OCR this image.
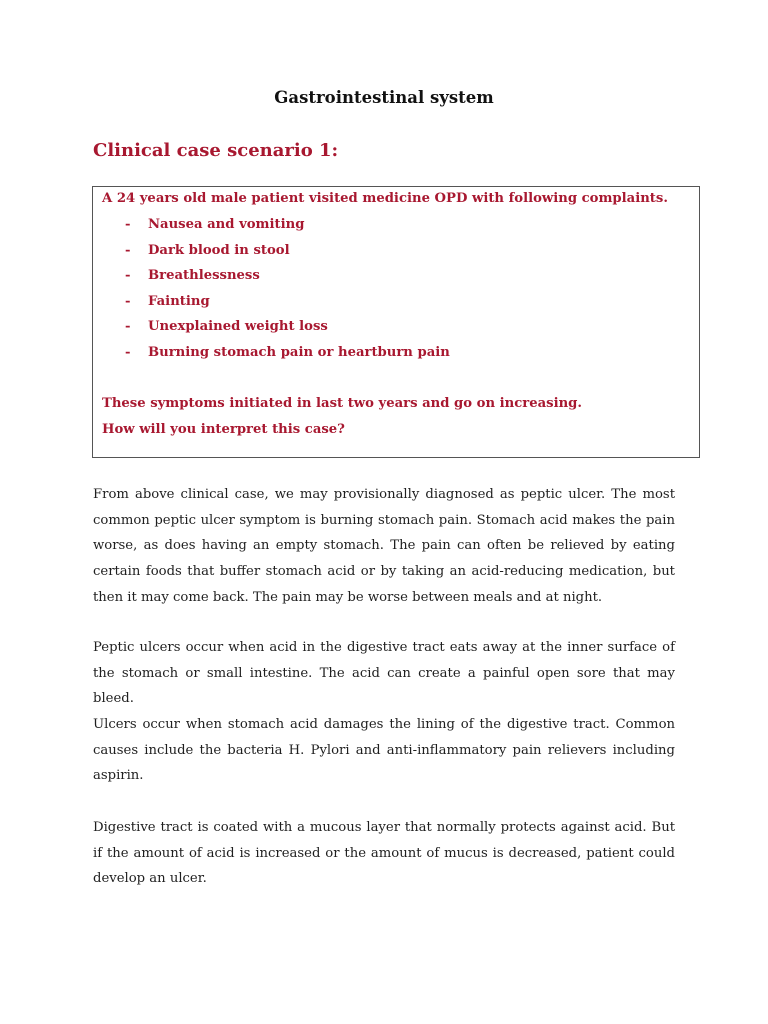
Gastrointestinal system
Clinical case scenario 1:
A 24 years old male patient visited medicine OPD with following complaints.
- Nausea and vomiting
- Dark blood in stool
- Breathlessness
- Fainting
- Unexplained weight loss
- Burning stomach pain or heartburn pain
These symptoms initiated in last two years and go on increasing.
How will you interpret this case?

From above clinical case, we may provisionally diagnosed as peptic ulcer. The most common peptic ulcer symptom is burning stomach pain. Stomach acid makes the pain worse, as does having an empty stomach. The pain can often be relieved by eating certain foods that buffer stomach acid or by taking an acid-reducing medication, but then it may come back. The pain may be worse between meals and at night.

Peptic ulcers occur when acid in the digestive tract eats away at the inner surface of the stomach or small intestine. The acid can create a painful open sore that may bleed.

Ulcers occur when stomach acid damages the lining of the digestive tract. Common causes include the bacteria H. Pylori and anti-inflammatory pain relievers including aspirin.

Digestive tract is coated with a mucous layer that normally protects against acid. But if the amount of acid is increased or the amount of mucus is decreased, patient could develop an ulcer.
